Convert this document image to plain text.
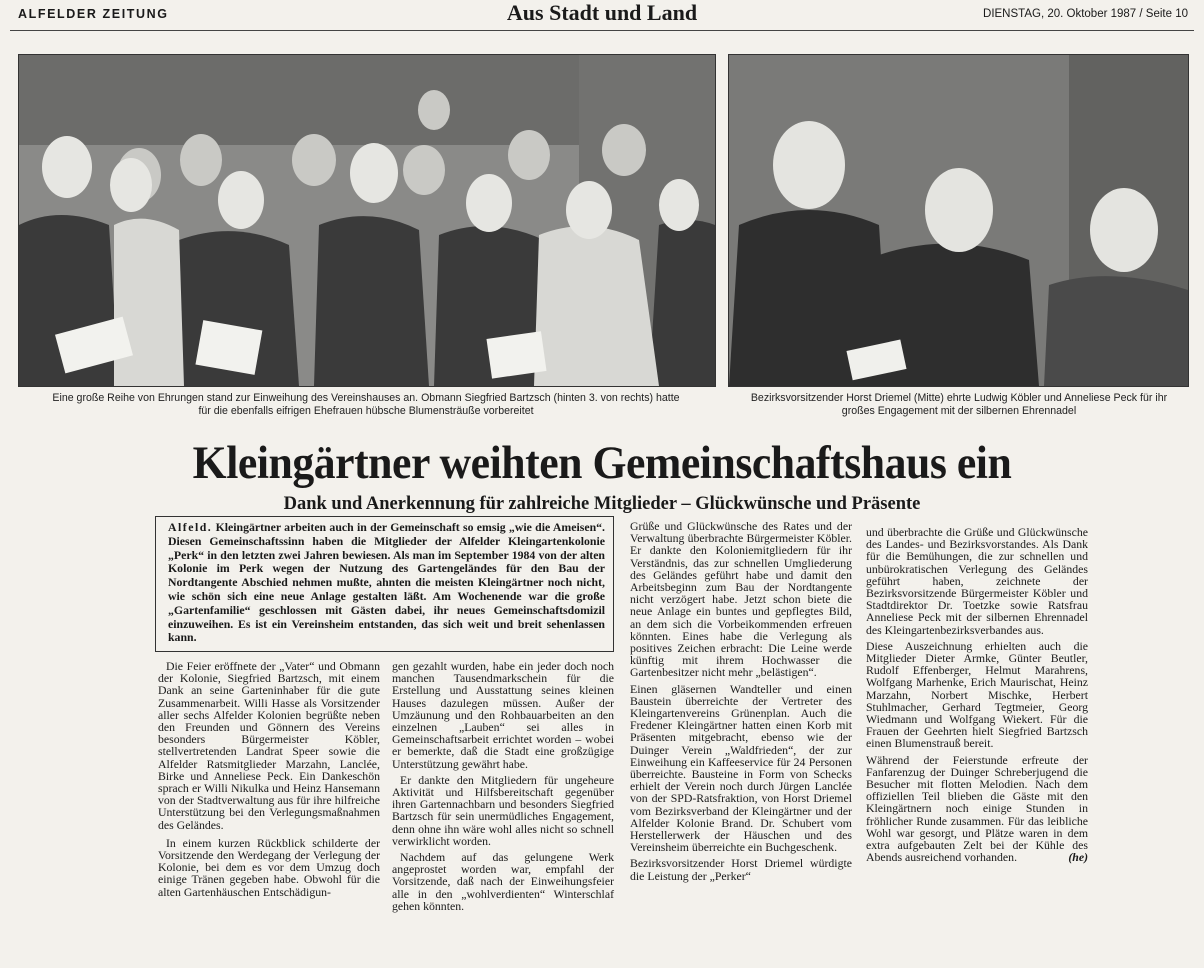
Aus Stadt und Land
ALFELDER ZEITUNG	DIENSTAG, 20. Oktober 1987 / Seite 10
Eine große Reihe von Ehrungen stand zur Einweihung des Vereinshauses an. Obmann Siegfried Bartzsch (hinten 3. von rechts) hatte
für die ebenfalls eifrigen Ehefrauen hübsche Blumensträuße vorbereitet
Bezirksvorsitzender Horst Driemel (Mitte) ehrte Ludwig Köbler und Anneliese Peck für ihr
großes Engagement mit der silbernen Ehrennadel
Kleingärtner weihten Gemeinschaftshaus ein
Dank und Anerkennung für zahlreiche Mitglieder – Glückwünsche und Präsente
Alfeld. Kleingärtner arbeiten auch in der Gemeinschaft so emsig „wie die Ameisen“. Diesen Gemeinschaftssinn haben die Mitglieder der Alfelder Kleingartenkolonie „Perk“ in den letzten zwei Jahren bewiesen. Als man im September 1984 von der alten Kolonie im Perk wegen der Nutzung des Gartengeländes für den Bau der Nordtangente Abschied nehmen mußte, ahnten die meisten Kleingärtner noch nicht, wie schön sich eine neue Anlage gestalten läßt. Am Wochenende war die große „Gartenfamilie“ geschlossen mit Gästen dabei, ihr neues Gemeinschaftsdomizil einzuweihen. Es ist ein Vereinsheim entstanden, das sich weit und breit sehenlassen kann.

Die Feier eröffnete der „Vater“ und Obmann der Kolonie, Siegfried Bartzsch, mit einem Dank an seine Garteninhaber für die gute Zusammenarbeit. Willi Hasse als Vorsitzender aller sechs Alfelder Kolonien begrüßte neben den Freunden und Gönnern des Vereins besonders Bürgermeister Köbler, stellvertretenden Landrat Speer sowie die Alfelder Ratsmitglieder Marzahn, Lanclée, Birke und Anneliese Peck. Ein Dankeschön sprach er Willi Nikulka und Heinz Hansemann von der Stadtverwaltung aus für ihre hilfreiche Unterstützung bei den Verlegungsmaßnahmen des Geländes.

In einem kurzen Rückblick schilderte der Vorsitzende den Werdegang der Verlegung der Kolonie, bei dem es vor dem Umzug doch einige Tränen gegeben habe. Obwohl für die alten Gartenhäuschen Entschädigun-

gen gezahlt wurden, habe ein jeder doch noch manchen Tausendmarkschein für die Erstellung und Ausstattung seines kleinen Hauses dazulegen müssen. Außer der Umzäunung und den Rohbauarbeiten an den einzelnen „Lauben“ sei alles in Gemeinschaftsarbeit errichtet worden – wobei er bemerkte, daß die Stadt eine großzügige Unterstützung gewährt habe.

Er dankte den Mitgliedern für ungeheure Aktivität und Hilfsbereitschaft gegenüber ihren Gartennachbarn und besonders Siegfried Bartzsch für sein unermüdliches Engagement, denn ohne ihn wäre wohl alles nicht so schnell verwirklicht worden.

Nachdem auf das gelungene Werk angeprostet worden war, empfahl der Vorsitzende, daß nach der Einweihungsfeier alle in den „wohlverdienten“ Winterschlaf gehen könnten.

Grüße und Glückwünsche des Rates und der Verwaltung überbrachte Bürgermeister Köbler. Er dankte den Koloniemitgliedern für ihr Verständnis, das zur schnellen Umgliederung des Geländes geführt habe und damit den Arbeitsbeginn zum Bau der Nordtangente nicht verzögert habe. Jetzt schon biete die neue Anlage ein buntes und gepflegtes Bild, an dem sich die Vorbeikommenden erfreuen könnten. Eines habe die Verlegung als positives Zeichen erbracht: Die Leine werde künftig mit ihrem Hochwasser die Gartenbesitzer nicht mehr „belästigen“.

Einen gläsernen Wandteller und einen Baustein überreichte der Vertreter des Kleingartenvereins Grünenplan. Auch die Fredener Kleingärtner hatten einen Korb mit Präsenten mitgebracht, ebenso wie der Duinger Verein „Waldfrieden“, der zur Einweihung ein Kaffeeservice für 24 Personen überreichte. Bausteine in Form von Schecks erhielt der Verein noch durch Jürgen Lanclée von der SPD-Ratsfraktion, von Horst Driemel vom Bezirksverband der Kleingärtner und der Alfelder Kolonie Brand. Dr. Schubert vom Herstellerwerk der Häuschen und des Vereinsheim überreichte ein Buchgeschenk.

Bezirksvorsitzender Horst Driemel würdigte die Leistung der „Perker“

und überbrachte die Grüße und Glückwünsche des Landes- und Bezirksvorstandes. Als Dank für die Bemühungen, die zur schnellen und unbürokratischen Verlegung des Geländes geführt haben, zeichnete der Bezirksvorsitzende Bürgermeister Köbler und Stadtdirektor Dr. Toetzke sowie Ratsfrau Anneliese Peck mit der silbernen Ehrennadel des Kleingartenbezirksverbandes aus.

Diese Auszeichnung erhielten auch die Mitglieder Dieter Armke, Günter Beutler, Rudolf Effenberger, Helmut Marahrens, Wolfgang Marhenke, Erich Maurischat, Heinz Marzahn, Norbert Mischke, Herbert Stuhlmacher, Gerhard Tegtmeier, Georg Wiedmann und Wolfgang Wiekert. Für die Frauen der Geehrten hielt Siegfried Bartzsch einen Blumenstrauß bereit.

Während der Feierstunde erfreute der Fanfarenzug der Duinger Schreberjugend die Besucher mit flotten Melodien. Nach dem offiziellen Teil blieben die Gäste mit den Kleingärtnern noch einige Stunden in fröhlicher Runde zusammen. Für das leibliche Wohl war gesorgt, und Plätze waren in dem extra aufgebauten Zelt bei der Kühle des Abends ausreichend vorhanden.	(he)
